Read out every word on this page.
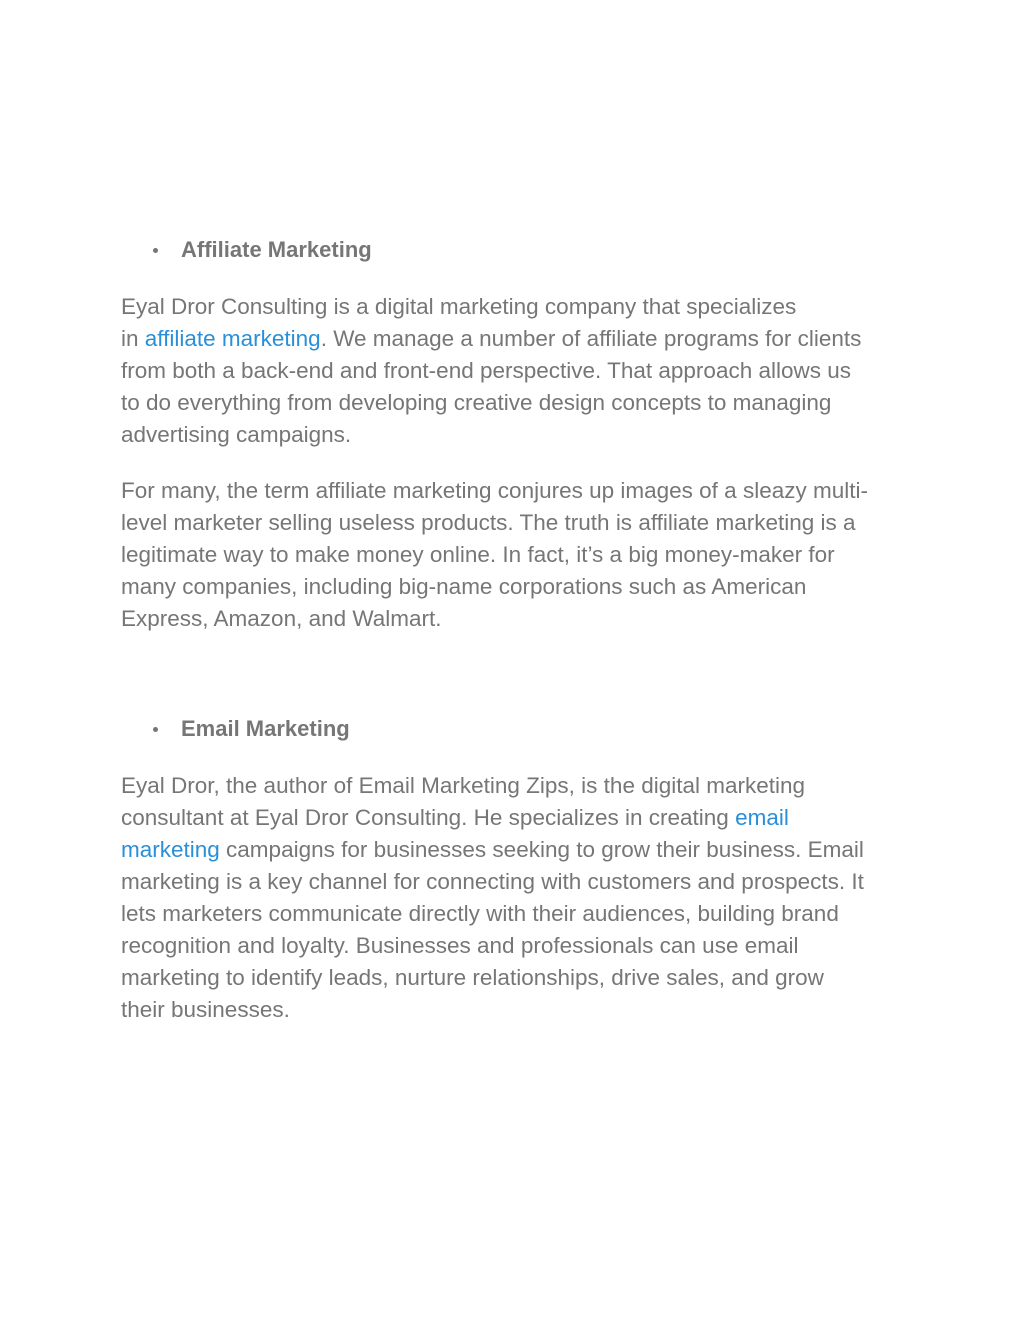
Affiliate Marketing

Eyal Dror Consulting is a digital marketing company that specializes
in affiliate marketing. We manage a number of affiliate programs for clients
from both a back-end and front-end perspective. That approach allows us
to do everything from developing creative design concepts to managing
advertising campaigns.

For many, the term affiliate marketing conjures up images of a sleazy multi-
level marketer selling useless products. The truth is affiliate marketing is a
legitimate way to make money online. In fact, it’s a big money-maker for
many companies, including big-name corporations such as American
Express, Amazon, and Walmart.

Email Marketing

Eyal Dror, the author of Email Marketing Zips, is the digital marketing
consultant at Eyal Dror Consulting. He specializes in creating email
marketing campaigns for businesses seeking to grow their business. Email
marketing is a key channel for connecting with customers and prospects. It
lets marketers communicate directly with their audiences, building brand
recognition and loyalty. Businesses and professionals can use email
marketing to identify leads, nurture relationships, drive sales, and grow
their businesses.
